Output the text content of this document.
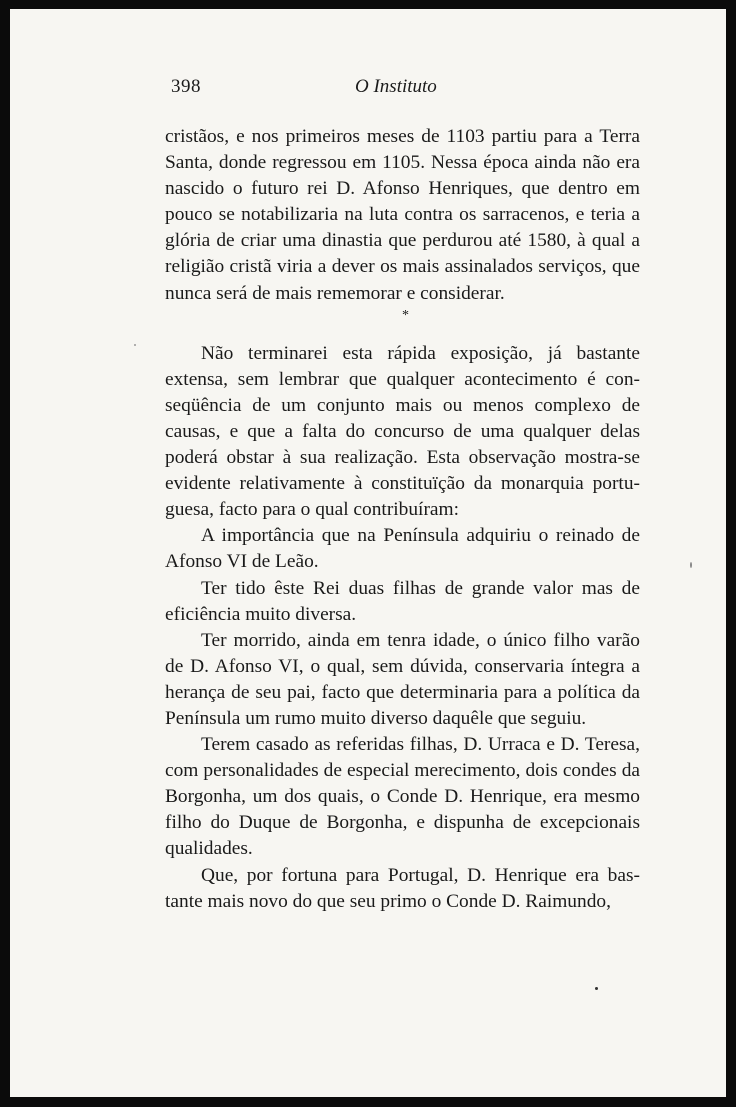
398	O Instituto

cristãos, e nos primeiros meses de 1103 partiu para a Terra Santa, donde regressou em 1105. Nessa época ainda não era nascido o futuro rei D. Afonso Henriques, que dentro em pouco se notabilizaria na luta contra os sarracenos, e teria a glória de criar uma dinastia que perdurou até 1580, à qual a religião cristã viria a dever os mais assinalados serviços, que nunca será de mais rememorar e considerar.

*

Não terminarei esta rápida exposição, já bastante extensa, sem lembrar que qualquer acontecimento é conseqüência de um conjunto mais ou menos complexo de causas, e que a falta do concurso de uma qualquer delas poderá obstar à sua realização. Esta observação mostra-se evidente relativamente à constituïção da monarquia portuguesa, facto para o qual contribuíram:

A importância que na Península adquiriu o reinado de Afonso VI de Leão.

Ter tido êste Rei duas filhas de grande valor mas de eficiência muito diversa.

Ter morrido, ainda em tenra idade, o único filho varão de D. Afonso VI, o qual, sem dúvida, conservaria íntegra a herança de seu pai, facto que determinaria para a política da Península um rumo muito diverso daquêle que seguiu.

Terem casado as referidas filhas, D. Urraca e D. Teresa, com personalidades de especial merecimento, dois condes da Borgonha, um dos quais, o Conde D. Henrique, era mesmo filho do Duque de Borgonha, e dispunha de excepcionais qualidades.

Que, por fortuna para Portugal, D. Henrique era bastante mais novo do que seu primo o Conde D. Raimundo,
